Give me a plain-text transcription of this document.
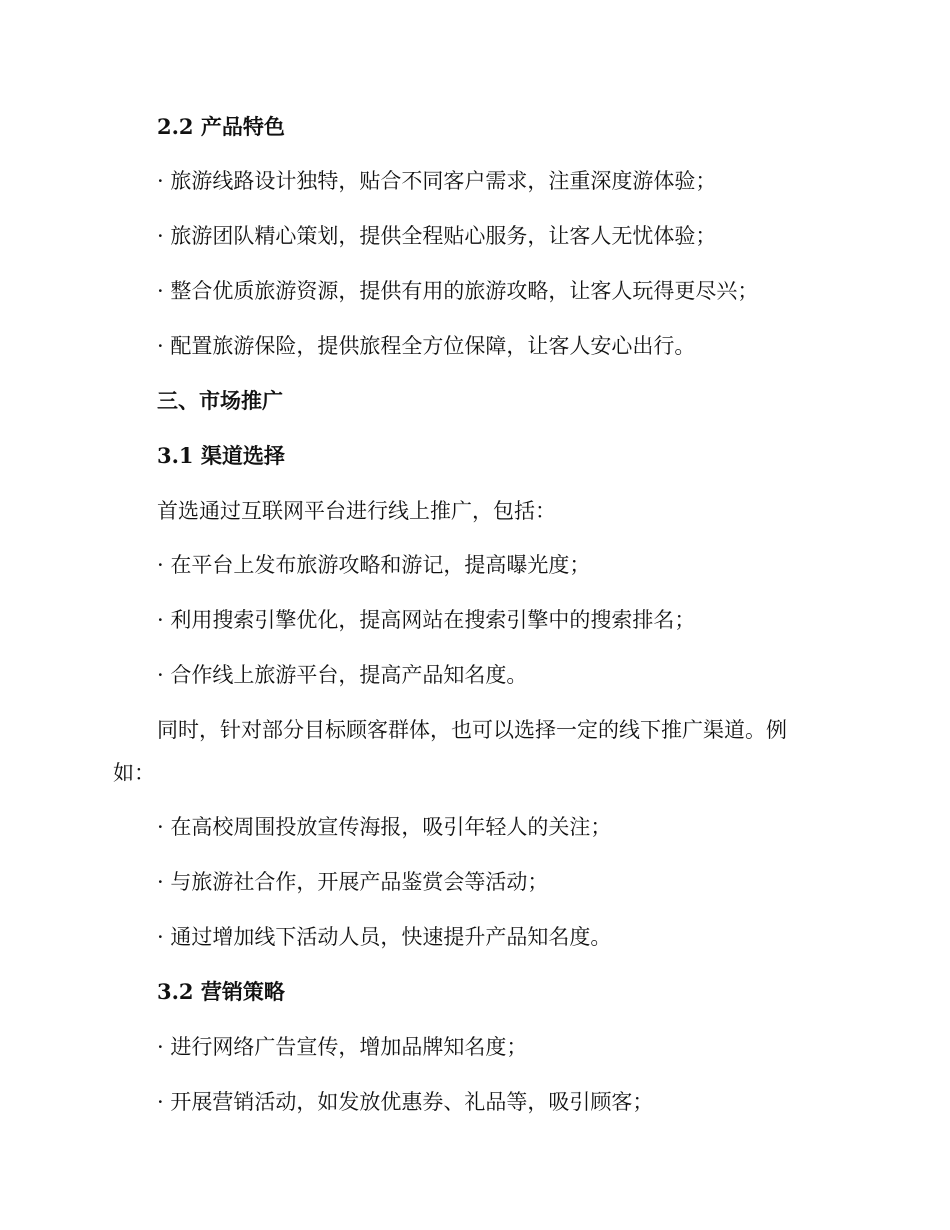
2.2 产品特色
· 旅游线路设计独特，贴合不同客户需求，注重深度游体验；
· 旅游团队精心策划，提供全程贴心服务，让客人无忧体验；
· 整合优质旅游资源，提供有用的旅游攻略，让客人玩得更尽兴；
· 配置旅游保险，提供旅程全方位保障，让客人安心出行。
三、市场推广
3.1 渠道选择
首选通过互联网平台进行线上推广，包括：
· 在平台上发布旅游攻略和游记，提高曝光度；
· 利用搜索引擎优化，提高网站在搜索引擎中的搜索排名；
· 合作线上旅游平台，提高产品知名度。
同时，针对部分目标顾客群体，也可以选择一定的线下推广渠道。例
如：
· 在高校周围投放宣传海报，吸引年轻人的关注；
· 与旅游社合作，开展产品鉴赏会等活动；
· 通过增加线下活动人员，快速提升产品知名度。
3.2 营销策略
· 进行网络广告宣传，增加品牌知名度；
· 开展营销活动，如发放优惠券、礼品等，吸引顾客；
